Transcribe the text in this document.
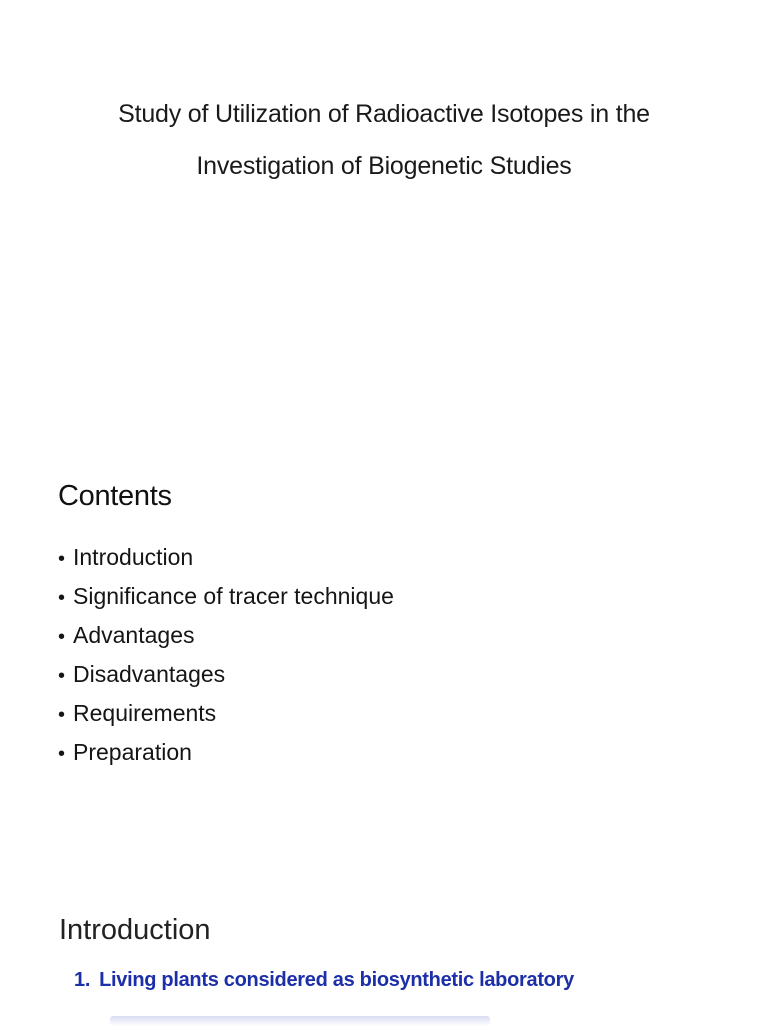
Study of Utilization of Radioactive Isotopes in the
Investigation of Biogenetic Studies
Contents
• Introduction
• Significance of tracer technique
• Advantages
• Disadvantages
• Requirements
• Preparation
Introduction
1. Living plants considered as biosynthetic laboratory
